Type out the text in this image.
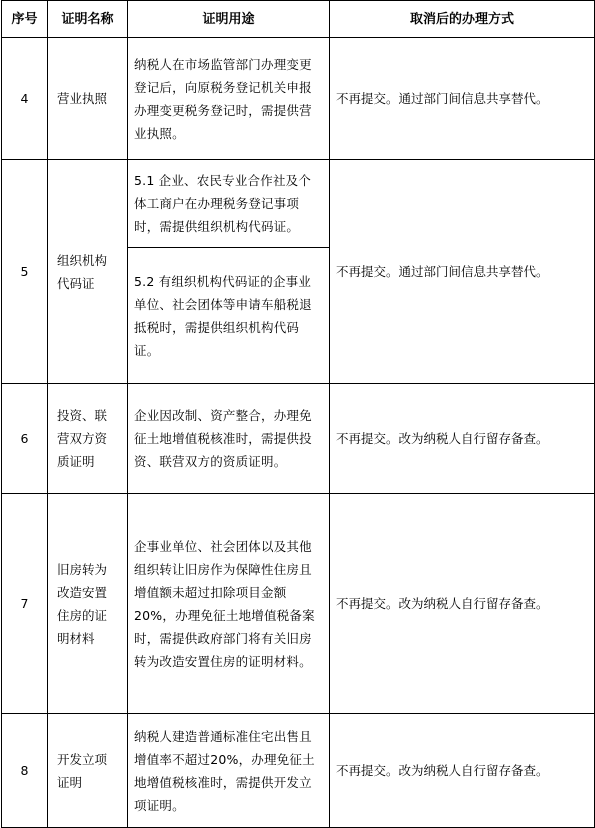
序号	证明名称	证明用途	取消后的办理方式
4	营业执照	纳税人在市场监管部门办理变更登记后，向原税务登记机关申报办理变更税务登记时，需提供营业执照。	不再提交。通过部门间信息共享替代。
5	组织机构代码证	5.1 企业、农民专业合作社及个体工商户在办理税务登记事项时，需提供组织机构代码证。	不再提交。通过部门间信息共享替代。
		5.2 有组织机构代码证的企事业单位、社会团体等申请车船税退抵税时，需提供组织机构代码证。	
6	投资、联营双方资质证明	企业因改制、资产整合，办理免征土地增值税核准时，需提供投资、联营双方的资质证明。	不再提交。改为纳税人自行留存备查。
7	旧房转为改造安置住房的证明材料	企事业单位、社会团体以及其他组织转让旧房作为保障性住房且增值额未超过扣除项目金额20%，办理免征土地增值税备案时，需提供政府部门将有关旧房转为改造安置住房的证明材料。	不再提交。改为纳税人自行留存备查。
8	开发立项证明	纳税人建造普通标准住宅出售且增值率不超过20%，办理免征土地增值税核准时，需提供开发立项证明。	不再提交。改为纳税人自行留存备查。
